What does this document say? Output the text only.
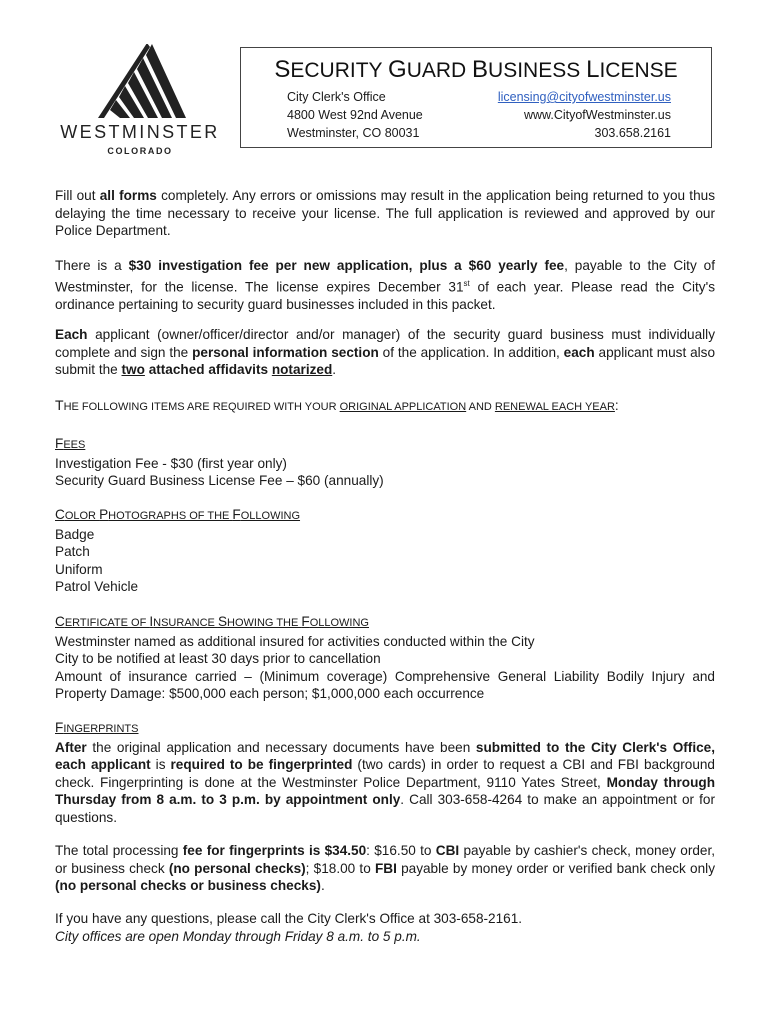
WESTMINSTER
COLORADO
SECURITY GUARD BUSINESS LICENSE
City Clerk's Office
4800 West 92nd Avenue
Westminster, CO 80031
licensing@cityofwestminster.us
www.CityofWestminster.us
303.658.2161

Fill out all forms completely. Any errors or omissions may result in the application being returned to you thus delaying the time necessary to receive your license. The full application is reviewed and approved by our Police Department.

There is a $30 investigation fee per new application, plus a $60 yearly fee, payable to the City of Westminster, for the license. The license expires December 31st of each year. Please read the City's ordinance pertaining to security guard businesses included in this packet.

Each applicant (owner/officer/director and/or manager) of the security guard business must individually complete and sign the personal information section of the application. In addition, each applicant must also submit the two attached affidavits notarized.

THE FOLLOWING ITEMS ARE REQUIRED WITH YOUR ORIGINAL APPLICATION AND RENEWAL EACH YEAR:

FEES

Investigation Fee - $30 (first year only)

Security Guard Business License Fee – $60 (annually)

COLOR PHOTOGRAPHS OF THE FOLLOWING

Badge

Patch

Uniform

Patrol Vehicle

CERTIFICATE OF INSURANCE SHOWING THE FOLLOWING

Westminster named as additional insured for activities conducted within the City

City to be notified at least 30 days prior to cancellation

Amount of insurance carried – (Minimum coverage) Comprehensive General Liability Bodily Injury and Property Damage: $500,000 each person; $1,000,000 each occurrence

FINGERPRINTS

After the original application and necessary documents have been submitted to the City Clerk's Office, each applicant is required to be fingerprinted (two cards) in order to request a CBI and FBI background check. Fingerprinting is done at the Westminster Police Department, 9110 Yates Street, Monday through Thursday from 8 a.m. to 3 p.m. by appointment only. Call 303-658-4264 to make an appointment or for questions.

The total processing fee for fingerprints is $34.50: $16.50 to CBI payable by cashier's check, money order, or business check (no personal checks); $18.00 to FBI payable by money order or verified bank check only (no personal checks or business checks).

If you have any questions, please call the City Clerk's Office at 303-658-2161.

City offices are open Monday through Friday 8 a.m. to 5 p.m.
